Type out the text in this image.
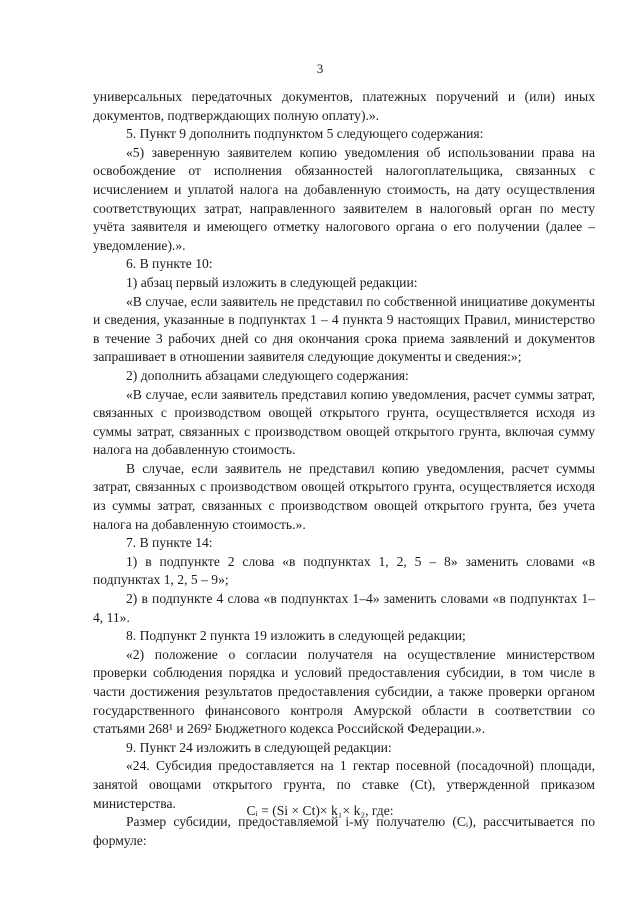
3

универсальных передаточных документов, платежных поручений и (или) иных документов, подтверждающих полную оплату).».

5. Пункт 9 дополнить подпунктом 5 следующего содержания:

«5) заверенную заявителем копию уведомления об использовании права на освобождение от исполнения обязанностей налогоплательщика, связанных с исчислением и уплатой налога на добавленную стоимость, на дату осуществления соответствующих затрат, направленного заявителем в налоговый орган по месту учёта заявителя и имеющего отметку налогового органа о его получении (далее – уведомление).».

6. В пункте 10:

1) абзац первый изложить в следующей редакции:

«В случае, если заявитель не представил по собственной инициативе документы и сведения, указанные в подпунктах 1 – 4 пункта 9 настоящих Правил, министерство в течение 3 рабочих дней со дня окончания срока приема заявлений и документов запрашивает в отношении заявителя следующие документы и сведения:»;

2) дополнить абзацами следующего содержания:

«В случае, если заявитель представил копию уведомления, расчет суммы затрат, связанных с производством овощей открытого грунта, осуществляется исходя из суммы затрат, связанных с производством овощей открытого грунта, включая сумму налога на добавленную стоимость.

В случае, если заявитель не представил копию уведомления, расчет суммы затрат, связанных с производством овощей открытого грунта, осуществляется исходя из суммы затрат, связанных с производством овощей открытого грунта, без учета налога на добавленную стоимость.».

7. В пункте 14:

1) в подпункте 2 слова «в подпунктах 1, 2, 5 – 8» заменить словами «в подпунктах 1, 2, 5 – 9»;

2) в подпункте 4 слова «в подпунктах 1–4» заменить словами «в подпунктах 1–4, 11».

8. Подпункт 2 пункта 19 изложить в следующей редакции;

«2) положение о согласии получателя на осуществление министерством проверки соблюдения порядка и условий предоставления субсидии, в том числе в части достижения результатов предоставления субсидии, а также проверки органом государственного финансового контроля Амурской области в соответствии со статьями 268¹ и 269² Бюджетного кодекса Российской Федерации.».

9. Пункт 24 изложить в следующей редакции:

«24. Субсидия предоставляется на 1 гектар посевной (посадочной) площади, занятой овощами открытого грунта, по ставке (Ct), утвержденной приказом министерства.

Размер субсидии, предоставляемой i-му получателю (Cᵢ), рассчитывается по формуле:

Cᵢ = (Si × Ct)× k₁× k₂, где:
